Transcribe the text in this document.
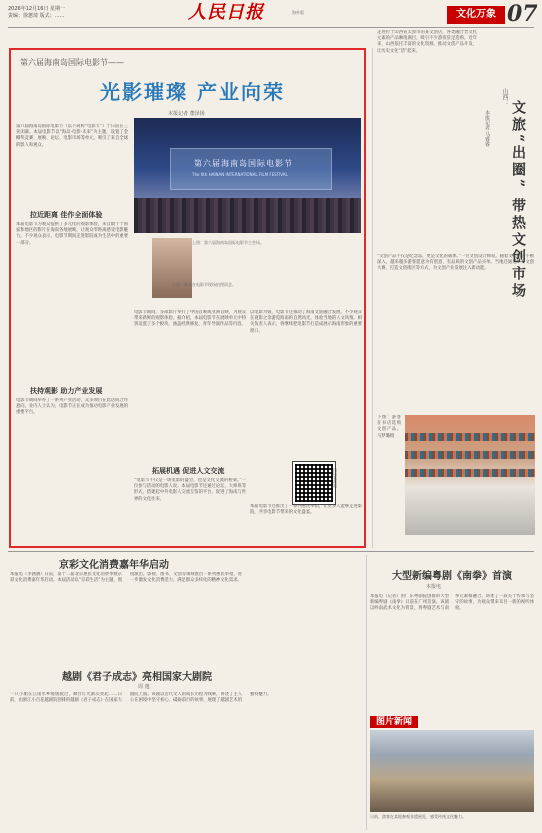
2026年12月16日 星期一
责编：徐蕙琦 版式：……	人民日报	海外版	文化万象 07
第六届海南岛国际电影节——
光影璀璨 产业向荣
本报记者 董泽扬
第六届海南岛国际电影节
The 6th HAINAN INTERNATIONAL FILM FESTIVAL
上图：第六届海南岛国际电影节主会场。
右图：观众在电影节现场拍照留念。
第六届海南岛国际电影节（以下简称“电影节”）于日前在三亚闭幕。本届电影节以“海岛·电影·未来”为主题，设置了金椰奖竞赛、展映、论坛、电影市场等单元，吸引了来自全球的影人和观众。
拉近距离 佳作全面体验
本届电影节为观众提供了多元化的观影体验，来自数十个国家和地区的影片在海南各地展映，让观众零距离感受电影魅力。不少观众表示，电影节期间走进影院成为生活中的重要一部分。
扶持观影 助力产业发展
电影节期间举办了一系列产业活动，众多项目在此达成合作意向。业内人士认为，电影节正在成为推动电影产业发展的重要平台。
电影节期间，多部影片举行了中国首映或亚洲首映，为观众带来新鲜的观影体验。据介绍，本届电影节在展映单元中特别设置了多个板块，涵盖经典修复、青年导演作品等内容。
拓展机遇 促进人文交流
“电影节不仅是一场电影的盛会，也是文化交流的桥梁。”一位参与活动的电影人说。本届电影节还通过论坛、大师班等形式，搭建起中外电影人交流互鉴的平台，促进了海南与世界的文化往来。
以电影为媒，电影节还推动了海南文旅融合发展。不少观众在观影之余游览海南的自然风光，体验当地的人文风情。相关负责人表示，将继续把电影节打造成展示海南形象的重要窗口。
扫码看视频
本届电影节还推出了一系列惠民举措，让更多人能够走进影院，共享电影节带来的文化盛宴。
走进位于山西省太原市的某文创店，各类融合晋文化元素的产品琳琅满目，吸引不少游客驻足选购。近年来，山西依托丰富的文化资源，推动文创产品开发，让历史文化“活”起来。
山西：
文旅“出圈” 带热文创市场
本报记者 马睿睿
“文创产品不仅是纪念品，更是文化的载体。”一位文创设计师说。随着文旅融合不断深入，越来越多游客愿意为有创意、有品质的文创产品买单。当地还通过举办文创大赛、打造文创街区等方式，为文创产业发展注入新动能。
下图：游客在书店选购文创产品。 马梦璐摄
京彩文化消费嘉年华启动
本报电（李涵涵）日前，第十二届北京惠民文化消费季暨京彩文化消费嘉年华启动。本届活动以“京彩生活”为主题，围绕演出、影视、图书、文创等领域推出一系列惠民举措，进一步激发文化消费活力，满足群众多样化的精神文化需求。
越剧《君子成志》亮相国家大剧院
周 逸
一只小船在江南水乡缓缓驶过，舞台灯光渐次亮起……日前，由浙江小百花越剧院创排的越剧《君子成志》在国家大剧院上演。该剧以古代文人的成长历程为线索，讲述了主人公在困境中坚守初心、砥砺前行的故事，展现了越剧艺术的独特魅力。
大型新编粤剧《南拳》首演
本报电
本报电（记者）由广东粤剧院创排的大型新编粤剧《南拳》日前在广州首演。该剧以岭南武术文化为背景，将粤剧艺术与南拳元素相融合，讲述了一段关于传承与坚守的故事，为观众带来耳目一新的视听体验。
图片新闻
日前，游客在某地参观非遗展览，感受传统文化魅力。
